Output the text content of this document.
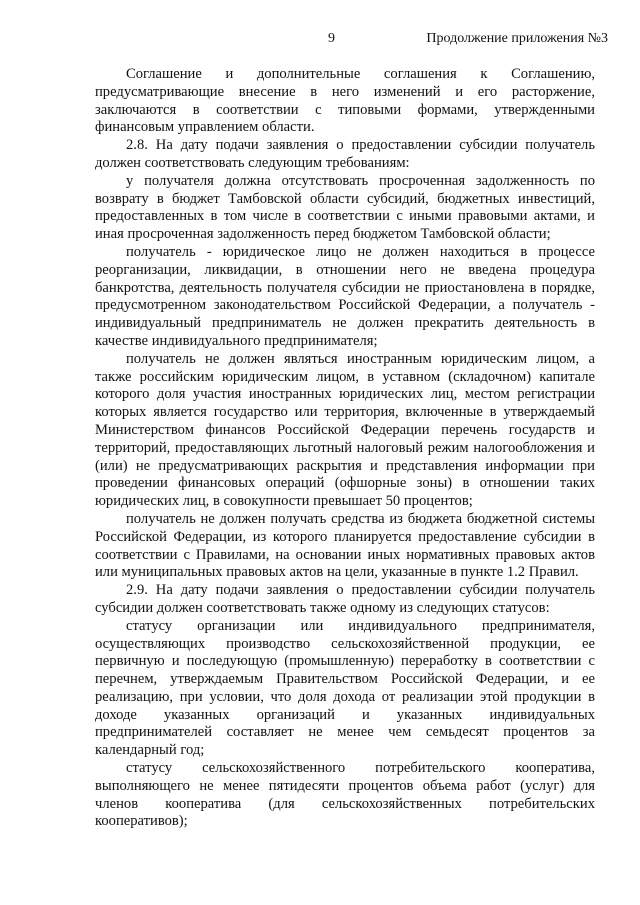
9	Продолжение приложения №3

Соглашение и дополнительные соглашения к Соглашению, предусматривающие внесение в него изменений и его расторжение, заключаются в соответствии с типовыми формами, утвержденными финансовым управлением области.

2.8. На дату подачи заявления о предоставлении субсидии получатель должен соответствовать следующим требованиям:

у получателя должна отсутствовать просроченная задолженность по возврату в бюджет Тамбовской области субсидий, бюджетных инвестиций, предоставленных в том числе в соответствии с иными правовыми актами, и иная просроченная задолженность перед бюджетом Тамбовской области;

получатель - юридическое лицо не должен находиться в процессе реорганизации, ликвидации, в отношении него не введена процедура банкротства, деятельность получателя субсидии не приостановлена в порядке, предусмотренном законодательством Российской Федерации, а получатель - индивидуальный предприниматель не должен прекратить деятельность в качестве индивидуального предпринимателя;

получатель не должен являться иностранным юридическим лицом, а также российским юридическим лицом, в уставном (складочном) капитале которого доля участия иностранных юридических лиц, местом регистрации которых является государство или территория, включенные в утверждаемый Министерством финансов Российской Федерации перечень государств и территорий, предоставляющих льготный налоговый режим налогообложения и (или) не предусматривающих раскрытия и представления информации при проведении финансовых операций (офшорные зоны) в отношении таких юридических лиц, в совокупности превышает 50 процентов;

получатель не должен получать средства из бюджета бюджетной системы Российской Федерации, из которого планируется предоставление субсидии в соответствии с Правилами, на основании иных нормативных правовых актов или муниципальных правовых актов на цели, указанные в пункте 1.2 Правил.

2.9. На дату подачи заявления о предоставлении субсидии получатель субсидии должен соответствовать также одному из следующих статусов:

статусу организации или индивидуального предпринимателя, осуществляющих производство сельскохозяйственной продукции, ее первичную и последующую (промышленную) переработку в соответствии с перечнем, утверждаемым Правительством Российской Федерации, и ее реализацию, при условии, что доля дохода от реализации этой продукции в доходе указанных организаций и указанных индивидуальных предпринимателей составляет не менее чем семьдесят процентов за календарный год;

статусу сельскохозяйственного потребительского кооператива, выполняющего не менее пятидесяти процентов объема работ (услуг) для членов кооператива (для сельскохозяйственных потребительских кооперативов);
